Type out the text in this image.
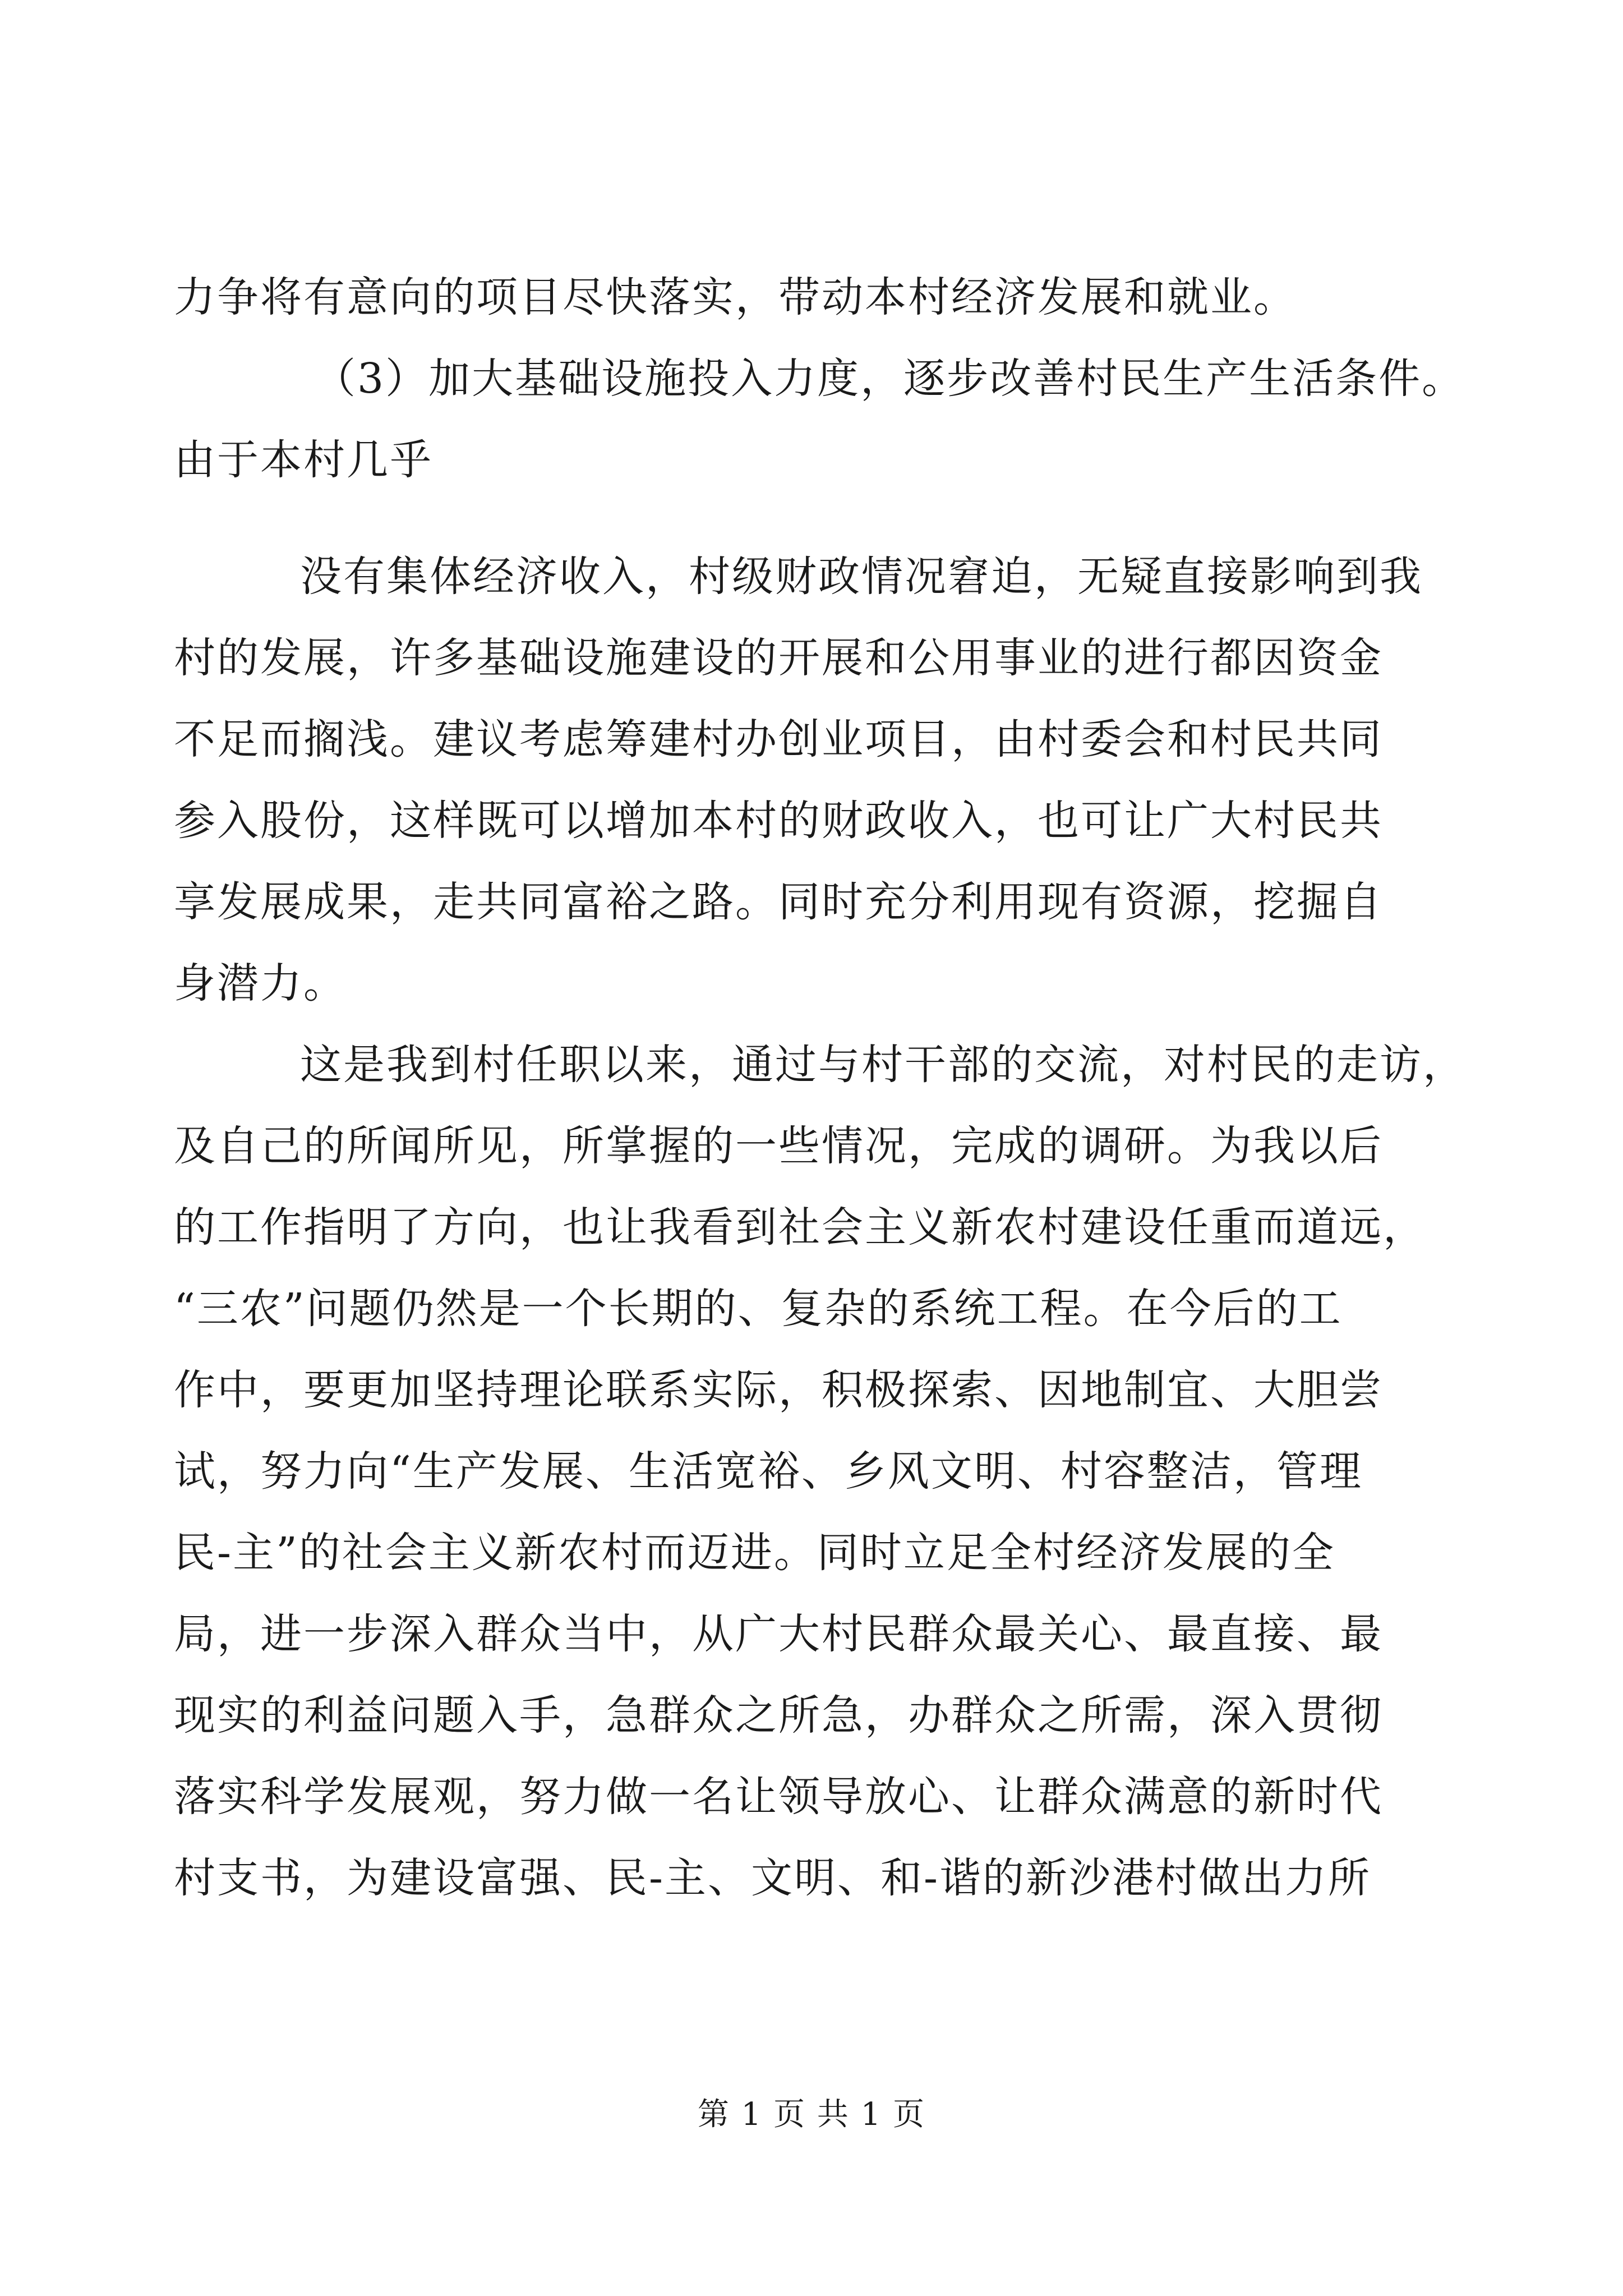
力争将有意向的项目尽快落实，带动本村经济发展和就业。

（3）加大基础设施投入力度，逐步改善村民生产生活条件。

由于本村几乎

没有集体经济收入，村级财政情况窘迫，无疑直接影响到我

村的发展，许多基础设施建设的开展和公用事业的进行都因资金

不足而搁浅。建议考虑筹建村办创业项目，由村委会和村民共同

参入股份，这样既可以增加本村的财政收入，也可让广大村民共

享发展成果，走共同富裕之路。同时充分利用现有资源，挖掘自

身潜力。

这是我到村任职以来，通过与村干部的交流，对村民的走访，

及自己的所闻所见，所掌握的一些情况，完成的调研。为我以后

的工作指明了方向，也让我看到社会主义新农村建设任重而道远，

“三农”问题仍然是一个长期的、复杂的系统工程。在今后的工

作中，要更加坚持理论联系实际，积极探索、因地制宜、大胆尝

试，努力向“生产发展、生活宽裕、乡风文明、村容整洁，管理

民-主”的社会主义新农村而迈进。同时立足全村经济发展的全

局，进一步深入群众当中，从广大村民群众最关心、最直接、最

现实的利益问题入手，急群众之所急，办群众之所需，深入贯彻

落实科学发展观，努力做一名让领导放心、让群众满意的新时代

村支书，为建设富强、民-主、文明、和-谐的新沙港村做出力所

第 1 页 共 1 页
